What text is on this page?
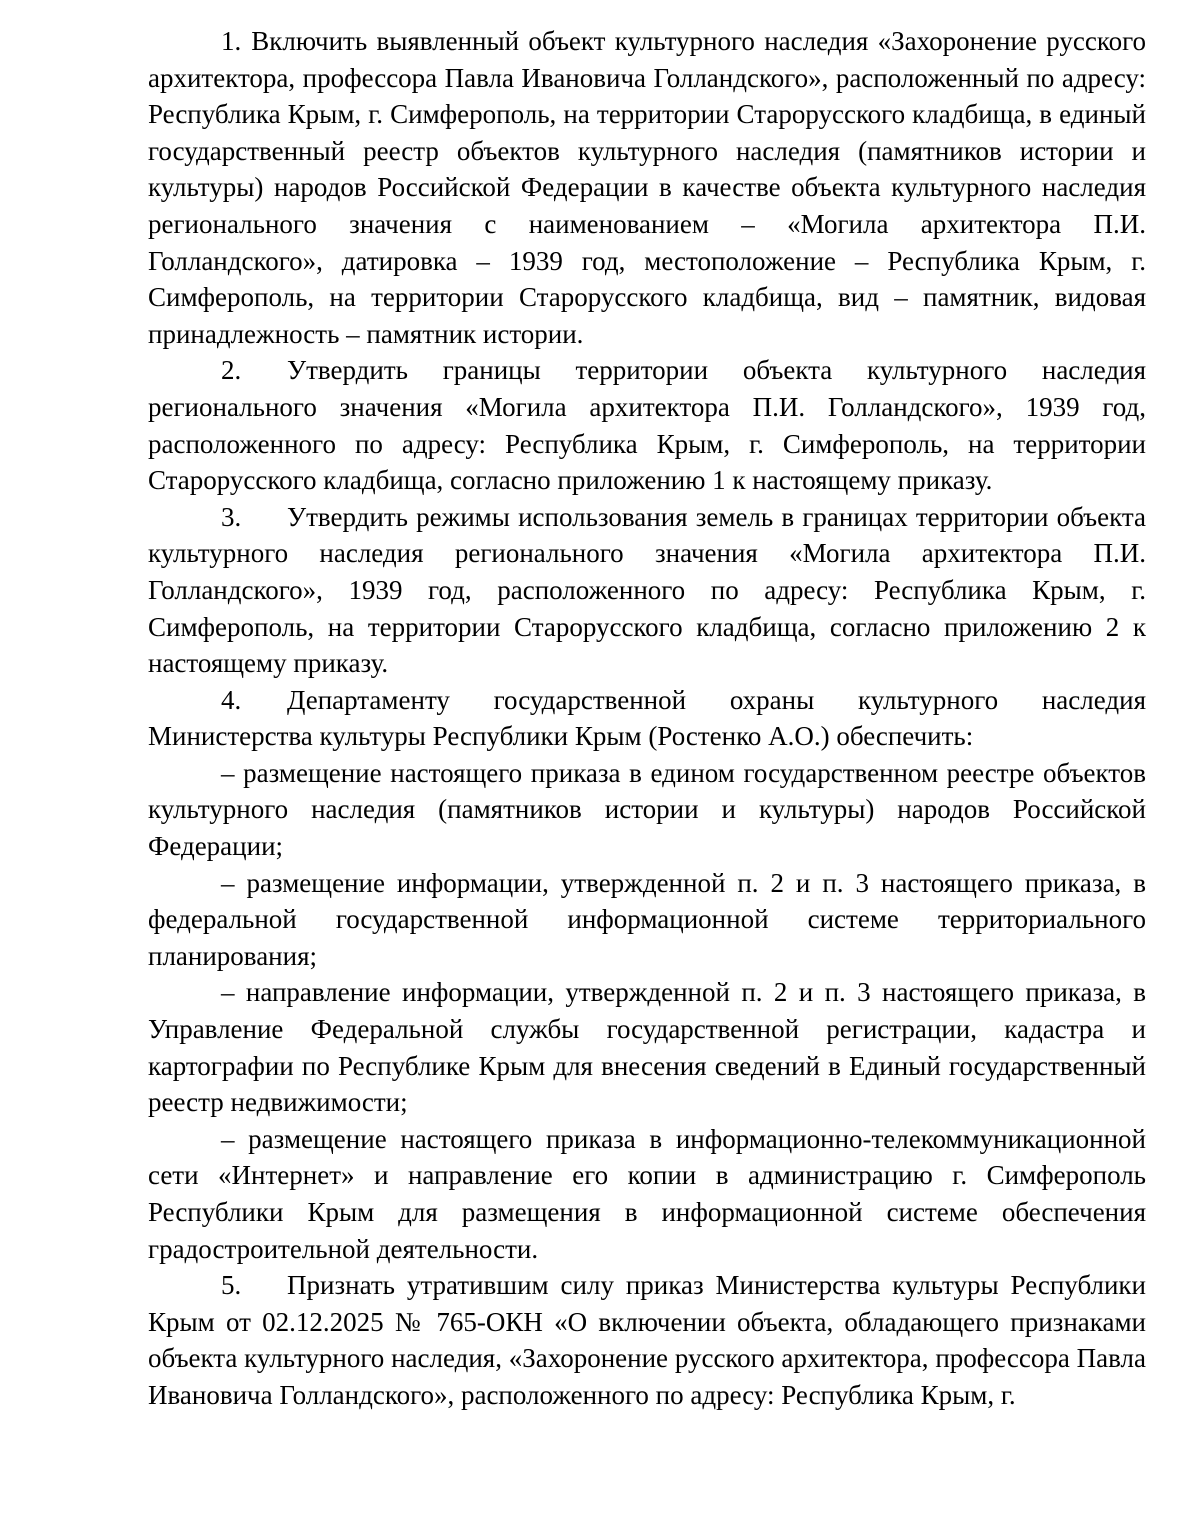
1. Включить выявленный объект культурного наследия «Захоронение русского архитектора, профессора Павла Ивановича Голландского», расположенный по адресу: Республика Крым, г. Симферополь, на территории Старорусского кладбища, в единый государственный реестр объектов культурного наследия (памятников истории и культуры) народов Российской Федерации в качестве объекта культурного наследия регионального значения с наименованием – «Могила архитектора П.И. Голландского», датировка – 1939 год, местоположение – Республика Крым, г. Симферополь, на территории Старорусского кладбища, вид – памятник, видовая принадлежность – памятник истории.

2. Утвердить границы территории объекта культурного наследия регионального значения «Могила архитектора П.И. Голландского», 1939 год, расположенного по адресу: Республика Крым, г. Симферополь, на территории Старорусского кладбища, согласно приложению 1 к настоящему приказу.

3. Утвердить режимы использования земель в границах территории объекта культурного наследия регионального значения «Могила архитектора П.И. Голландского», 1939 год, расположенного по адресу: Республика Крым, г. Симферополь, на территории Старорусского кладбища, согласно приложению 2 к настоящему приказу.

4. Департаменту государственной охраны культурного наследия Министерства культуры Республики Крым (Ростенко А.О.) обеспечить:

– размещение настоящего приказа в едином государственном реестре объектов культурного наследия (памятников истории и культуры) народов Российской Федерации;

– размещение информации, утвержденной п. 2 и п. 3 настоящего приказа, в федеральной государственной информационной системе территориального планирования;

– направление информации, утвержденной п. 2 и п. 3 настоящего приказа, в Управление Федеральной службы государственной регистрации, кадастра и картографии по Республике Крым для внесения сведений в Единый государственный реестр недвижимости;

– размещение настоящего приказа в информационно-телекоммуникационной сети «Интернет» и направление его копии в администрацию г. Симферополь Республики Крым для размещения в информационной системе обеспечения градостроительной деятельности.

5. Признать утратившим силу приказ Министерства культуры Республики Крым от 02.12.2025 № 765-ОКН «О включении объекта, обладающего признаками объекта культурного наследия, «Захоронение русского архитектора, профессора Павла Ивановича Голландского», расположенного по адресу: Республика Крым, г.
